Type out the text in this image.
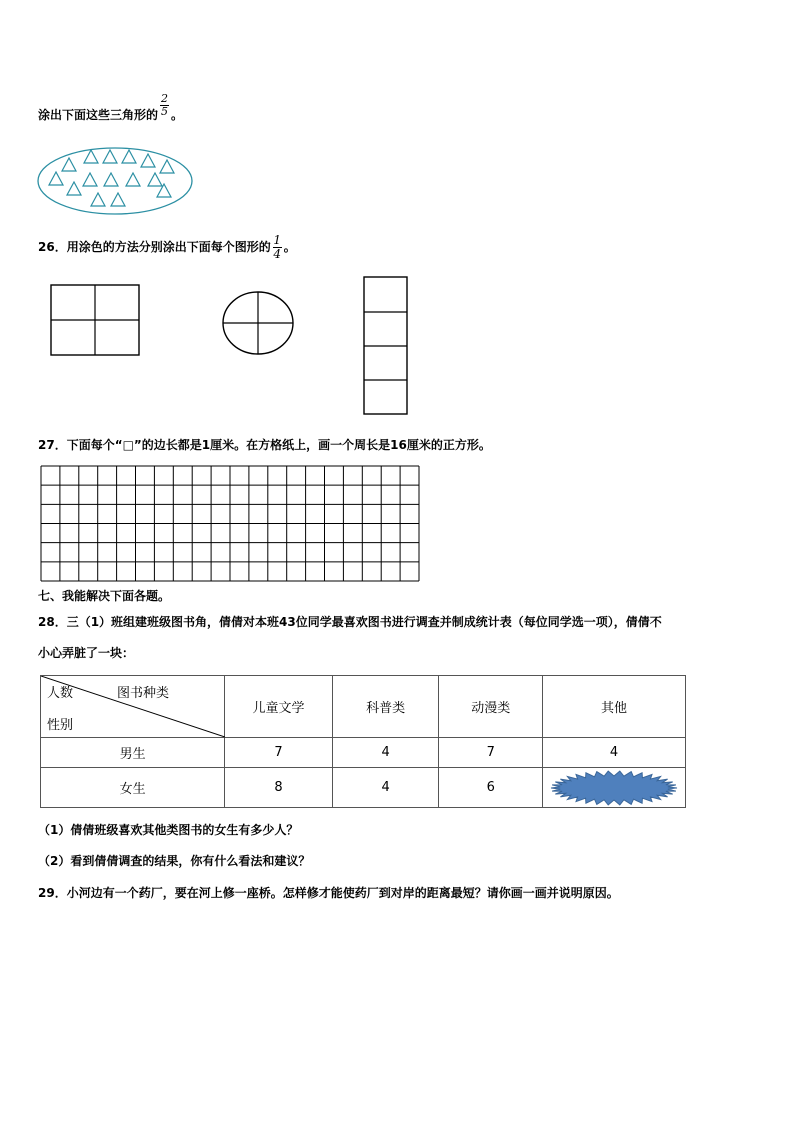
涂出下面这些三角形的 $\frac{2}{5}$ 。
26．用涂色的方法分别涂出下面每个图形的 $\frac{1}{4}$ 。
27．下面每个“□”的边长都是1厘米。在方格纸上，画一个周长是16厘米的正方形。
七、我能解决下面各题。
28．三（1）班组建班级图书角，倩倩对本班43位同学最喜欢图书进行调查并制成统计表（每位同学选一项），倩倩不
小心弄脏了一块：
人数 图书种类
性别	儿童文学	科普类	动漫类	其他
男生	7	4	7	4
女生	8	4	6	
（1）倩倩班级喜欢其他类图书的女生有多少人？
（2）看到倩倩调查的结果，你有什么看法和建议？
29．小河边有一个药厂，要在河上修一座桥。怎样修才能使药厂到对岸的距离最短？请你画一画并说明原因。
